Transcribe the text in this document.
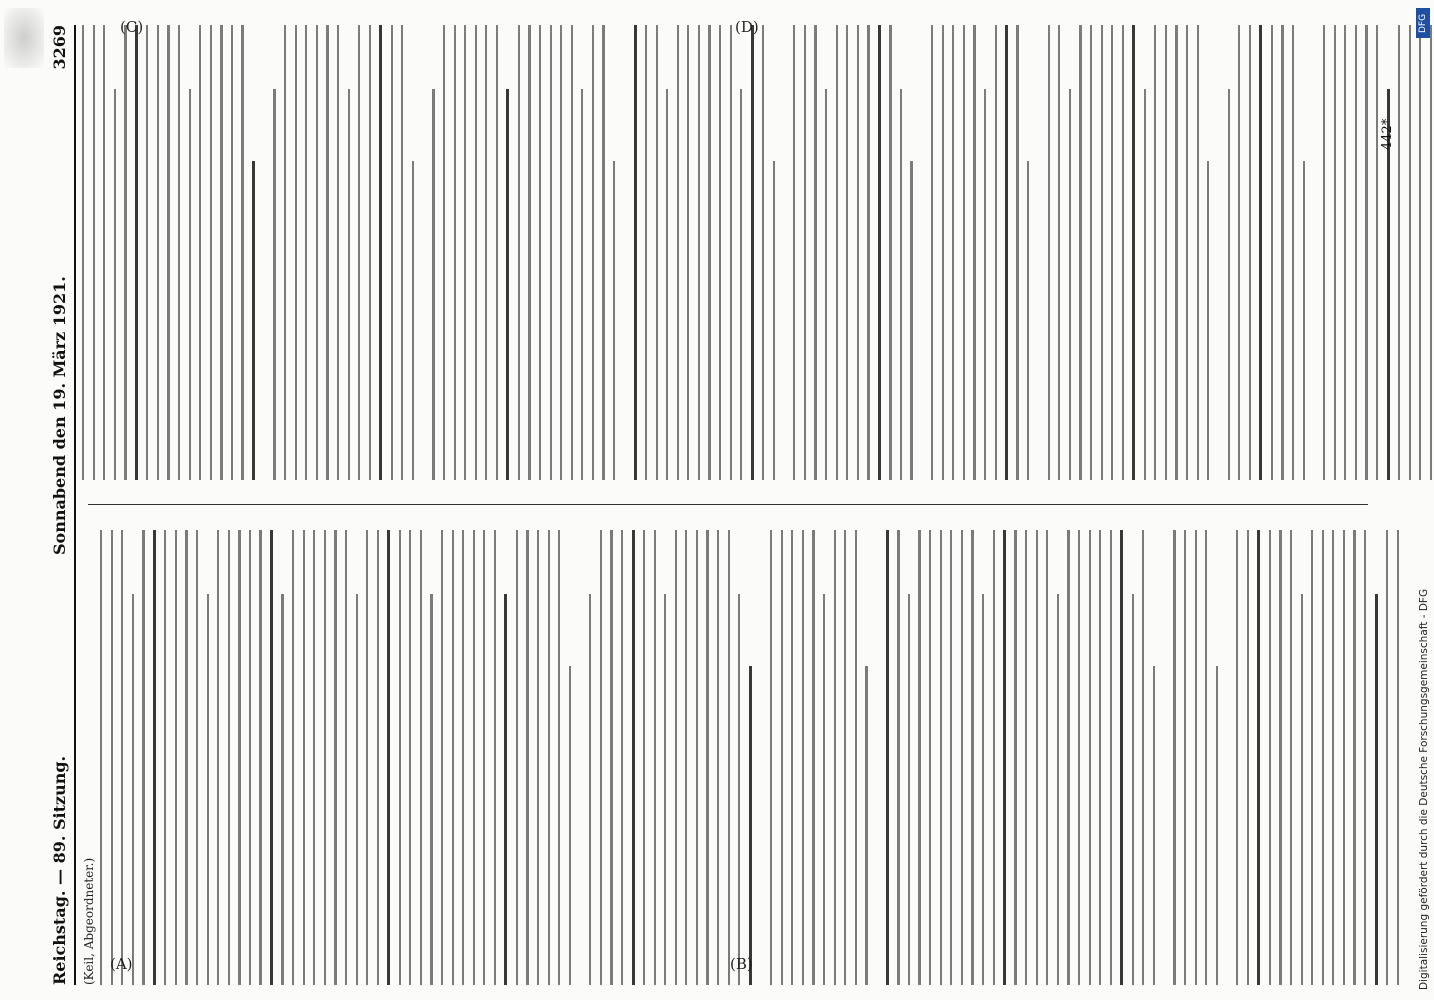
Reichstag. — 89. Sitzung.
Sonnabend den 19. März 1921.
3269
(Keil, Abgeordneter.) (A)	(B)
(C)	(D)
442*
DFG
Digitalisierung gefördert durch die Deutsche Forschungsgemeinschaft - DFG
